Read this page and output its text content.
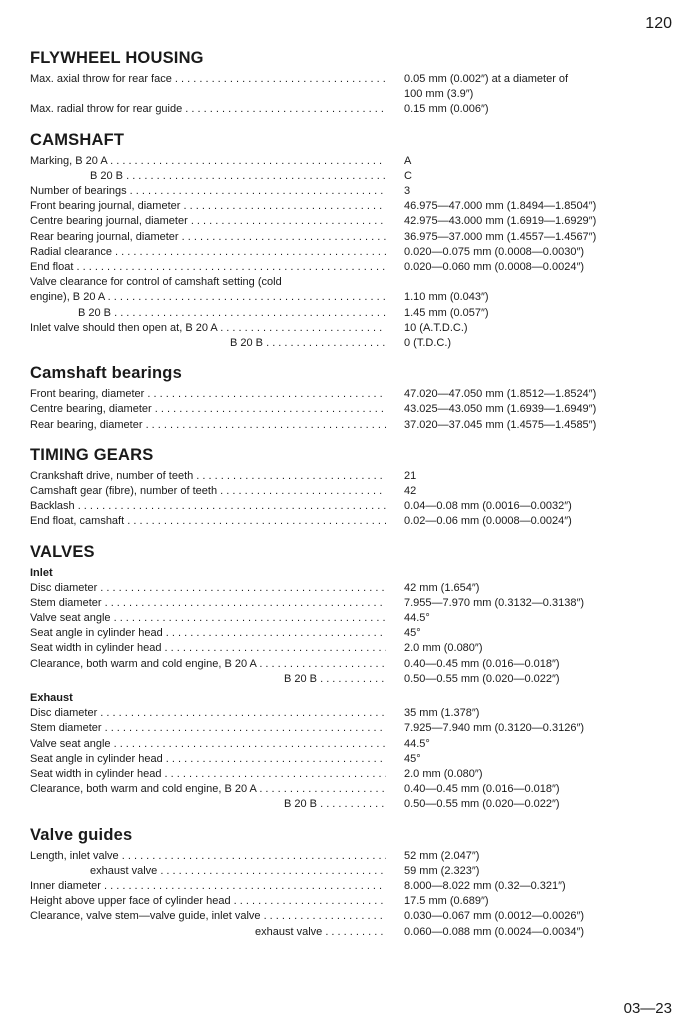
120
FLYWHEEL HOUSING
Max. axial throw for rear face . . .	0.05 mm (0.002″) at a diameter of
100 mm (3.9″)
Max. radial throw for rear guide . . .	0.15 mm (0.006″)
CAMSHAFT
Marking, B 20 A . . .	A
B 20 B . . .	C
Number of bearings . . .	3
Front bearing journal, diameter . . .	46.975—47.000 mm (1.8494—1.8504″)
Centre bearing journal, diameter . . .	42.975—43.000 mm (1.6919—1.6929″)
Rear bearing journal, diameter . . .	36.975—37.000 mm (1.4557—1.4567″)
Radial clearance . . .	0.020—0.075 mm (0.0008—0.0030″)
End float . . .	0.020—0.060 mm (0.0008—0.0024″)
Valve clearance for control of camshaft setting (cold
engine), B 20 A . . .	1.10 mm (0.043″)
B 20 B . . .	1.45 mm (0.057″)
Inlet valve should then open at, B 20 A . . .	10 (A.T.D.C.)
B 20 B . . .	0 (T.D.C.)
Camshaft bearings
Front bearing, diameter . . .	47.020—47.050 mm (1.8512—1.8524″)
Centre bearing, diameter . . .	43.025—43.050 mm (1.6939—1.6949″)
Rear bearing, diameter . . .	37.020—37.045 mm (1.4575—1.4585″)
TIMING GEARS
Crankshaft drive, number of teeth . . .	21
Camshaft gear (fibre), number of teeth . . .	42
Backlash . . .	0.04—0.08 mm (0.0016—0.0032″)
End float, camshaft . . .	0.02—0.06 mm (0.0008—0.0024″)
VALVES
Inlet
Disc diameter . . .	42 mm (1.654″)
Stem diameter . . .	7.955—7.970 mm (0.3132—0.3138″)
Valve seat angle . . .	44.5°
Seat angle in cylinder head . . .	45°
Seat width in cylinder head . . .	2.0 mm (0.080″)
Clearance, both warm and cold engine, B 20 A . . .	0.40—0.45 mm (0.016—0.018″)
B 20 B . . .	0.50—0.55 mm (0.020—0.022″)
Exhaust
Disc diameter . . .	35 mm (1.378″)
Stem diameter . . .	7.925—7.940 mm (0.3120—0.3126″)
Valve seat angle . . .	44.5°
Seat angle in cylinder head . . .	45°
Seat width in cylinder head . . .	2.0 mm (0.080″)
Clearance, both warm and cold engine, B 20 A . . .	0.40—0.45 mm (0.016—0.018″)
B 20 B . . .	0.50—0.55 mm (0.020—0.022″)
Valve guides
Length, inlet valve . . .	52 mm (2.047″)
exhaust valve . . .	59 mm (2.323″)
Inner diameter . . .	8.000—8.022 mm (0.32—0.321″)
Height above upper face of cylinder head . . .	17.5 mm (0.689″)
Clearance, valve stem—valve guide, inlet valve . . .	0.030—0.067 mm (0.0012—0.0026″)
exhaust valve . . .	0.060—0.088 mm (0.0024—0.0034″)
03—23
